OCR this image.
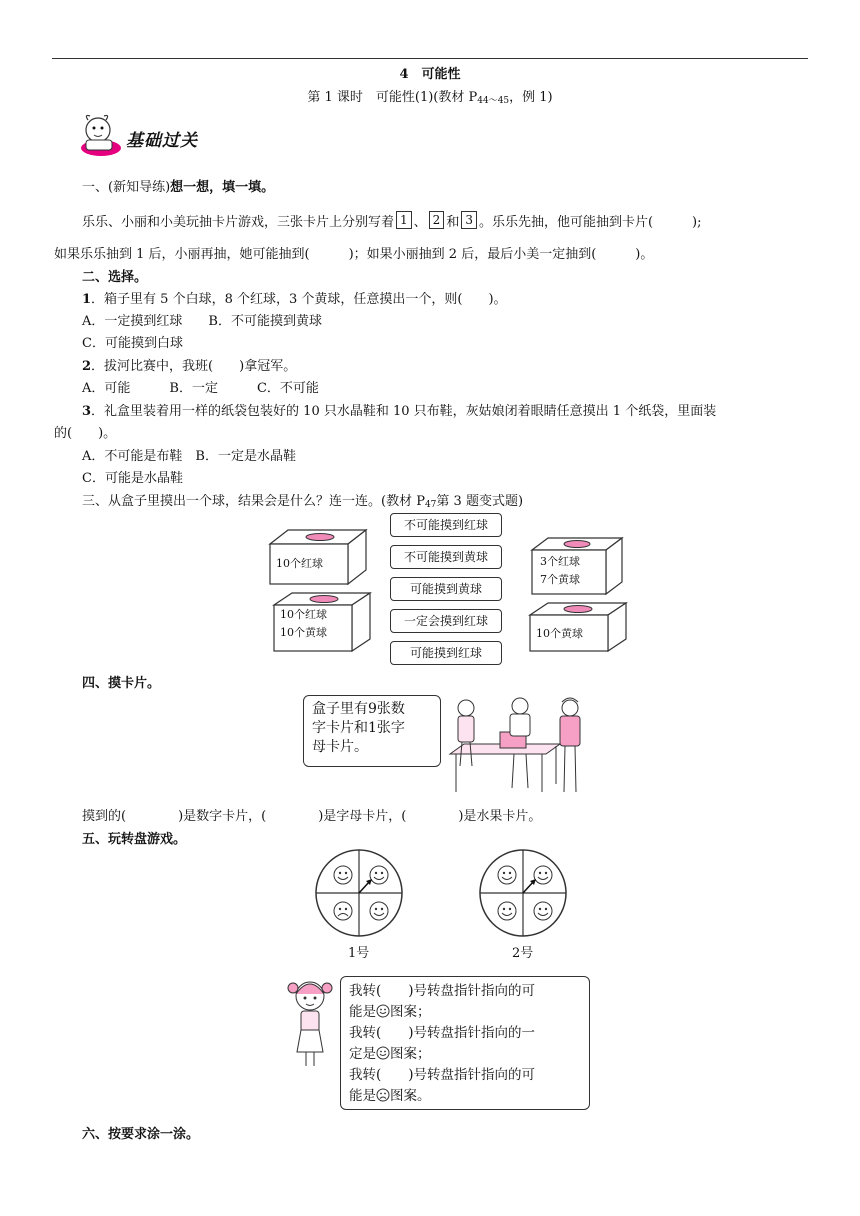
4　可能性
第 1 课时　可能性(1)(教材 $P_{44\sim 45}$，例 1)
基础过关
一、(新知导练)想一想，填一填。
乐乐、小丽和小美玩抽卡片游戏，三张卡片上分别写着 1 、 2 和 3 。乐乐先抽，他可能抽到卡片(　　　);
如果乐乐抽到 1 后，小丽再抽，她可能抽到(　　　)；如果小丽抽到 2 后，最后小美一定抽到(　　　)。
二、选择。
1．箱子里有 5 个白球，8 个红球，3 个黄球，任意摸出一个，则(　　)。
A．一定摸到红球　　B．不可能摸到黄球
C．可能摸到白球
2．拔河比赛中，我班(　　)拿冠军。
A．可能　　　B．一定　　　C．不可能
3．礼盒里装着用一样的纸袋包装好的 10 只水晶鞋和 10 只布鞋，灰姑娘闭着眼睛任意摸出 1 个纸袋，里面装
的(　　)。
A．不可能是布鞋　B．一定是水晶鞋
C．可能是水晶鞋
三、从盒子里摸出一个球，结果会是什么？连一连。(教材 $P_{47}$第 3 题变式题)
10个红球
10个红球
10个黄球
3个红球
7个黄球
10个黄球
不可能摸到红球
不可能摸到黄球
可能摸到黄球
一定会摸到红球
可能摸到红球
四、摸卡片。
盒子里有9张数
字卡片和1张字
母卡片。
摸到的(　　　　)是数字卡片，(　　　　)是字母卡片，(　　　　)是水果卡片。
五、玩转盘游戏。
1号	2号
我转(　　)号转盘指针指向的可
能是 图案；
我转(　　)号转盘指针指向的一
定是 图案；
我转(　　)号转盘指针指向的可
能是 图案。
六、按要求涂一涂。
